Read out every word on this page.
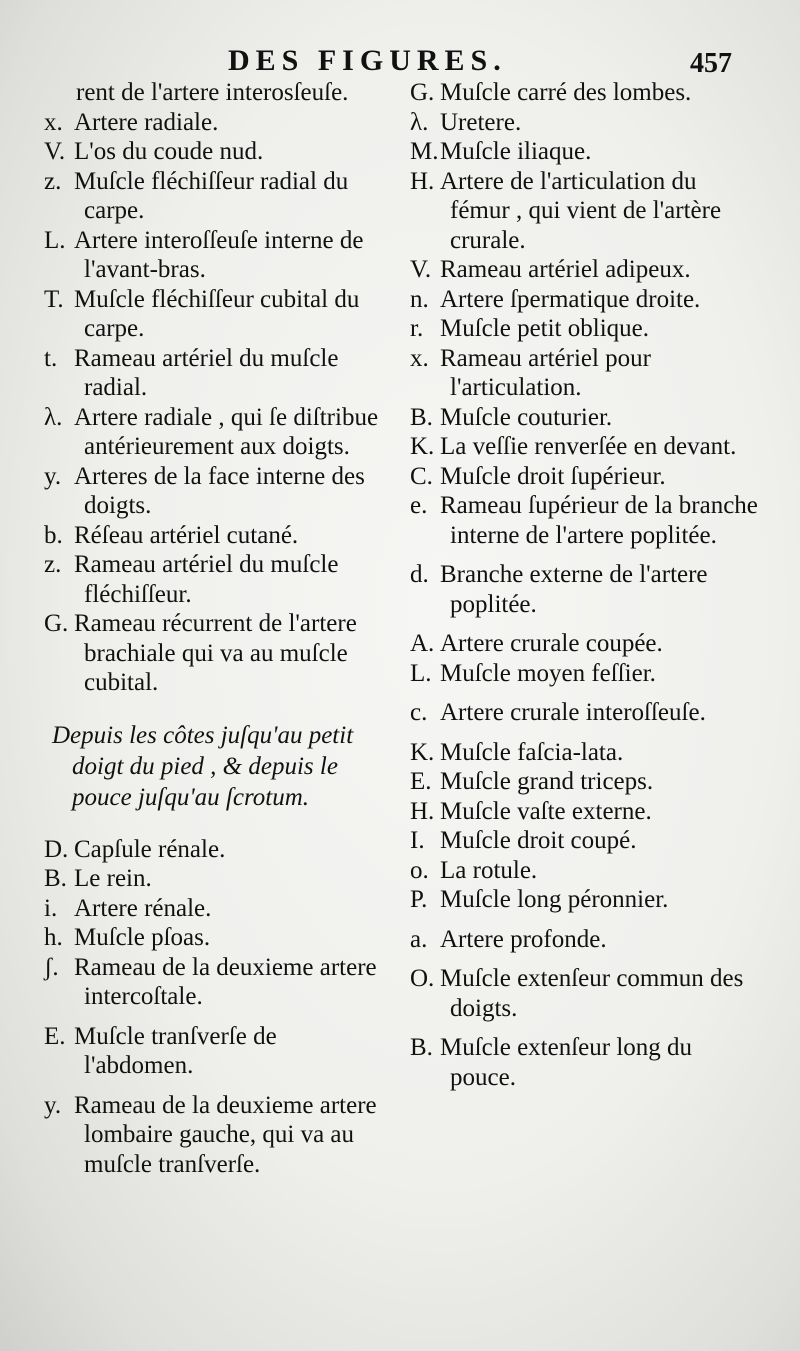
DES FIGURES.	457
rent de l'artere interosſeuſe.
x. Artere radiale.
V. L'os du coude nud.
z. Muſcle fléchiſſeur radial du carpe.
L. Artere interoſſeuſe interne de l'avant-bras.
T. Muſcle fléchiſſeur cubital du carpe.
t. Rameau artériel du muſcle radial.
λ. Artere radiale , qui ſe diſtribue antérieurement aux doigts.
y. Arteres de la face interne des doigts.
b. Réſeau artériel cutané.
z. Rameau artériel du muſcle fléchiſſeur.
G. Rameau récurrent de l'artere brachiale qui va au muſcle cubital.
Depuis les côtes juſqu'au petit doigt du pied , & depuis le pouce juſqu'au ſcrotum.
D. Capſule rénale.
B. Le rein.
i. Artere rénale.
h. Muſcle pſoas.
ʃ. Rameau de la deuxieme artere intercoſtale.
E. Muſcle tranſverſe de l'abdomen.
y. Rameau de la deuxieme artere lombaire gauche, qui va au muſcle tranſverſe.
G. Muſcle carré des lombes.
λ. Uretere.
M.Muſcle iliaque.
H. Artere de l'articulation du fémur , qui vient de l'artère crurale.
V. Rameau artériel adipeux.
n. Artere ſpermatique droite.
r. Muſcle petit oblique.
x. Rameau artériel pour l'articulation.
B. Muſcle couturier.
K. La veſſie renverſée en devant.
C. Muſcle droit ſupérieur.
e. Rameau ſupérieur de la branche interne de l'artere poplitée.
d. Branche externe de l'artere poplitée.
A. Artere crurale coupée.
L. Muſcle moyen feſſier.
c. Artere crurale interoſſeuſe.
K. Muſcle faſcia-lata.
E. Muſcle grand triceps.
H. Muſcle vaſte externe.
I. Muſcle droit coupé.
o. La rotule.
P. Muſcle long péronnier.
a. Artere profonde.
O. Muſcle extenſeur commun des doigts.
B. Muſcle extenſeur long du pouce.
